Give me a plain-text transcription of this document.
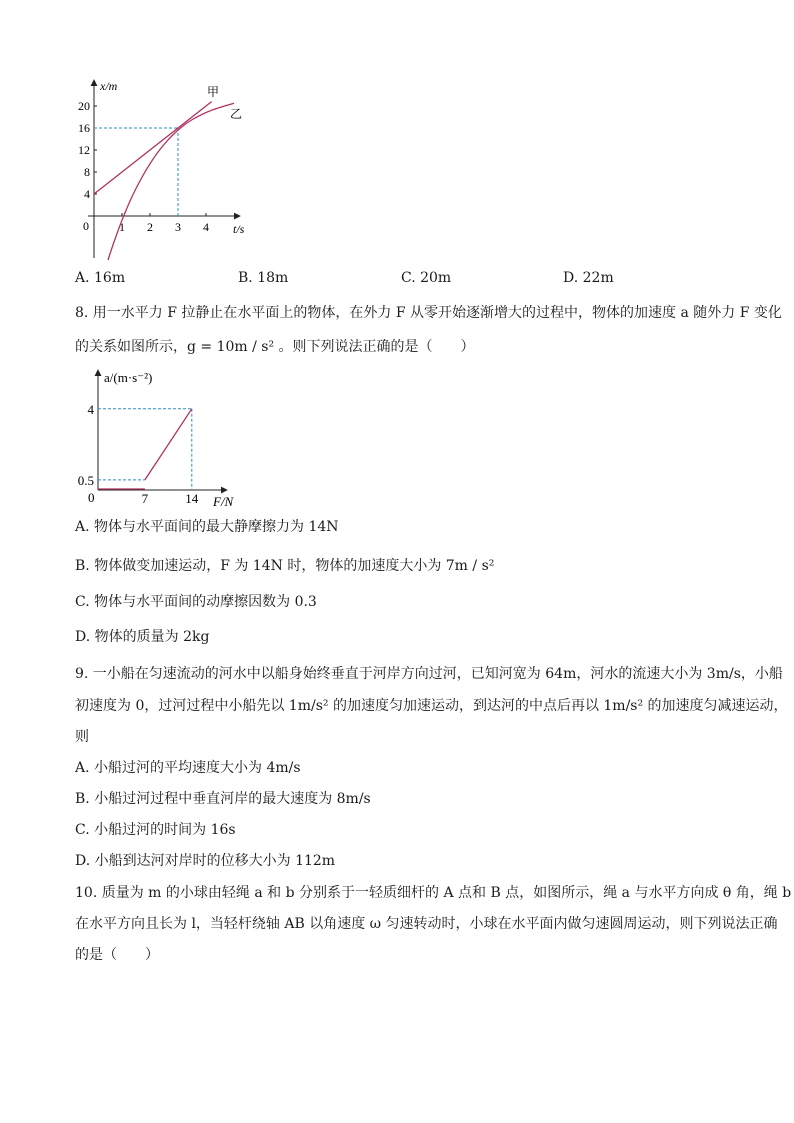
4
8
12
16
20
1 2 3 4
x/m
t/s
0
甲
乙
A. 16m	B. 18m	C. 20m	D. 22m
8. 用一水平力 F 拉静止在水平面上的物体，在外力 F 从零开始逐渐增大的过程中，物体的加速度 a 随外力 F 变化
的关系如图所示，g = 10m / s² 。则下列说法正确的是（　　）
0.5
4
7	14
a/(m·s⁻²)
F/N
0
A. 物体与水平面间的最大静摩擦力为 14N
B. 物体做变加速运动，F 为 14N 时，物体的加速度大小为 7m / s²
C. 物体与水平面间的动摩擦因数为 0.3
D. 物体的质量为 2kg
9. 一小船在匀速流动的河水中以船身始终垂直于河岸方向过河，已知河宽为 64m，河水的流速大小为 3m/s，小船
初速度为 0，过河过程中小船先以 1m/s² 的加速度匀加速运动，到达河的中点后再以 1m/s² 的加速度匀减速运动，
则
A. 小船过河的平均速度大小为 4m/s
B. 小船过河过程中垂直河岸的最大速度为 8m/s
C. 小船过河的时间为 16s
D. 小船到达河对岸时的位移大小为 112m
10. 质量为 m 的小球由轻绳 a 和 b 分别系于一轻质细杆的 A 点和 B 点，如图所示，绳 a 与水平方向成 θ 角，绳 b
在水平方向且长为 l，当轻杆绕轴 AB 以角速度 ω 匀速转动时，小球在水平面内做匀速圆周运动，则下列说法正确
的是（　　）
